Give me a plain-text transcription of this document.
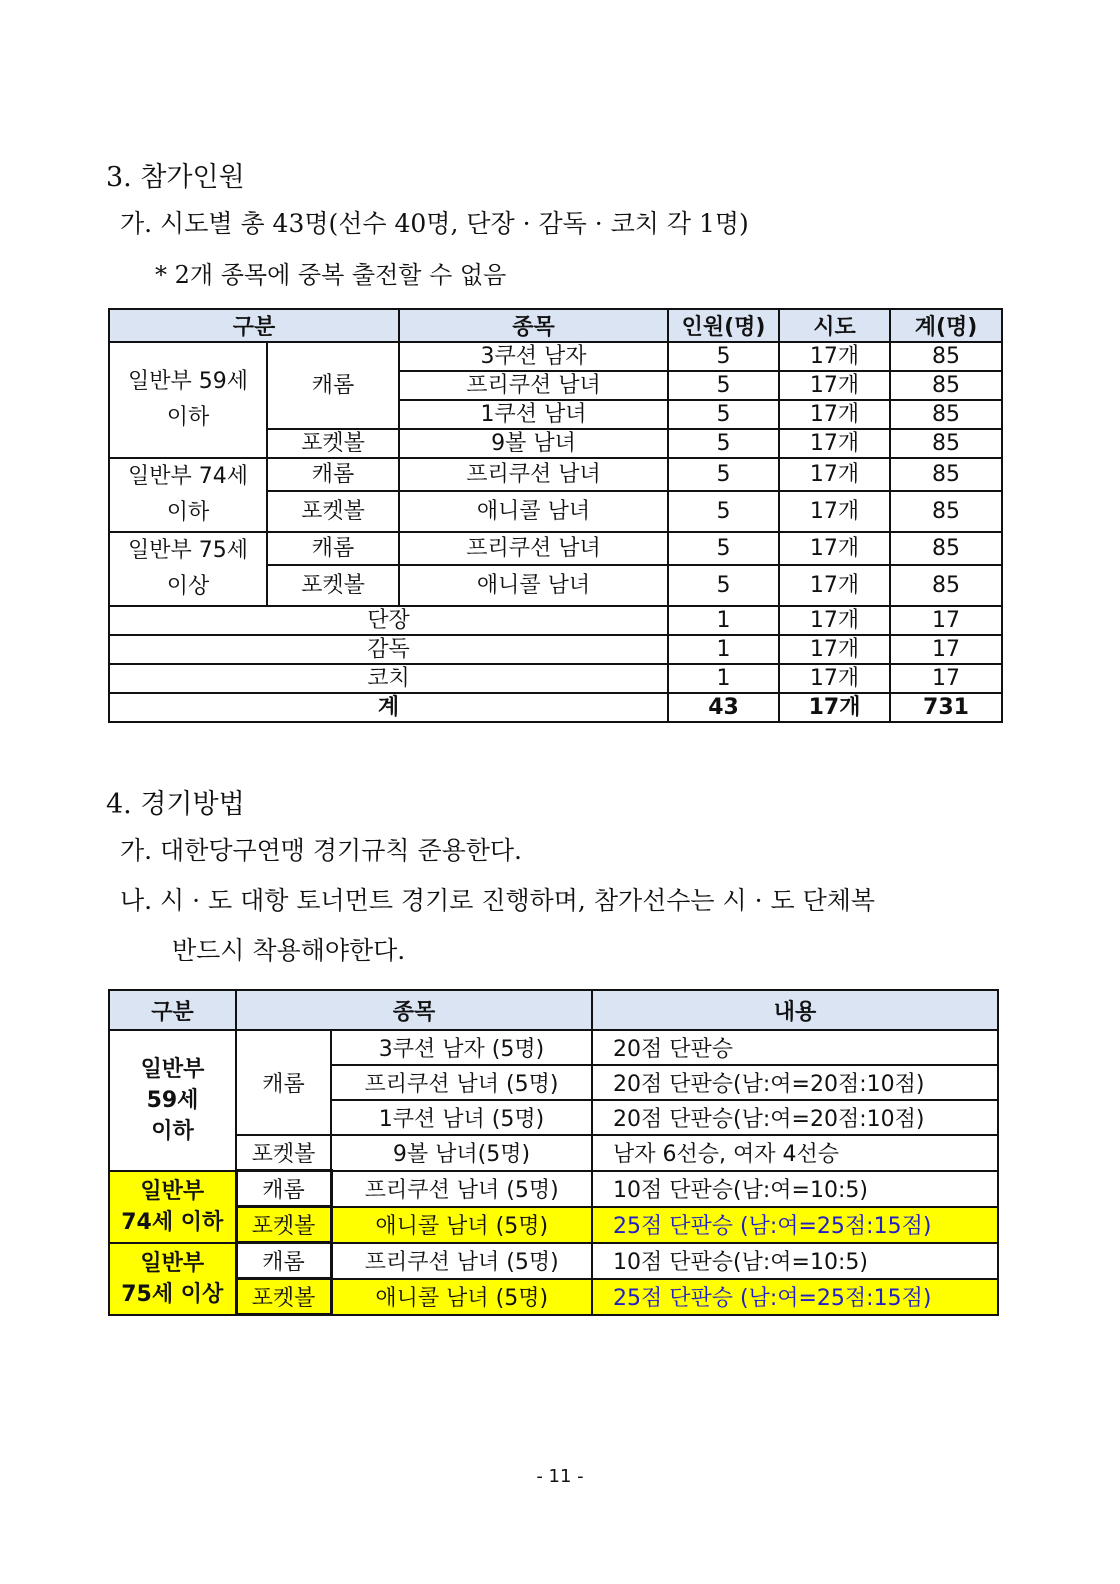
3. 참가인원
가. 시도별 총 43명(선수 40명, 단장 · 감독 · 코치 각 1명)
* 2개 종목에 중복 출전할 수 없음
구분		종목	인원(명)	시도	계(명)
일반부 59세
이하	캐롬	3쿠션 남자	5	17개	85
		프리쿠션 남녀	5	17개	85
		1쿠션 남녀	5	17개	85
	포켓볼	9볼 남녀	5	17개	85
일반부 74세
이하	캐롬	프리쿠션 남녀	5	17개	85
	포켓볼	애니콜 남녀	5	17개	85
일반부 75세
이상	캐롬	프리쿠션 남녀	5	17개	85
	포켓볼	애니콜 남녀	5	17개	85
단장			1	17개	17
감독			1	17개	17
코치			1	17개	17
계			43	17개	731
4. 경기방법
가. 대한당구연맹 경기규칙 준용한다.
나. 시 · 도 대항 토너먼트 경기로 진행하며, 참가선수는 시 · 도 단체복
반드시 착용해야한다.
구분	종목		내용
일반부
59세
이하	캐롬	3쿠션 남자 (5명)	20점 단판승
		프리쿠션 남녀 (5명)	20점 단판승(남:여=20점:10점)
		1쿠션 남녀 (5명)	20점 단판승(남:여=20점:10점)
	포켓볼	9볼 남녀(5명)	남자 6선승, 여자 4선승
일반부
74세 이하	캐롬	프리쿠션 남녀 (5명)	10점 단판승(남:여=10:5)
	포켓볼	애니콜 남녀 (5명)	25점 단판승 (남:여=25점:15점)
일반부
75세 이상	캐롬	프리쿠션 남녀 (5명)	10점 단판승(남:여=10:5)
	포켓볼	애니콜 남녀 (5명)	25점 단판승 (남:여=25점:15점)
- 11 -
